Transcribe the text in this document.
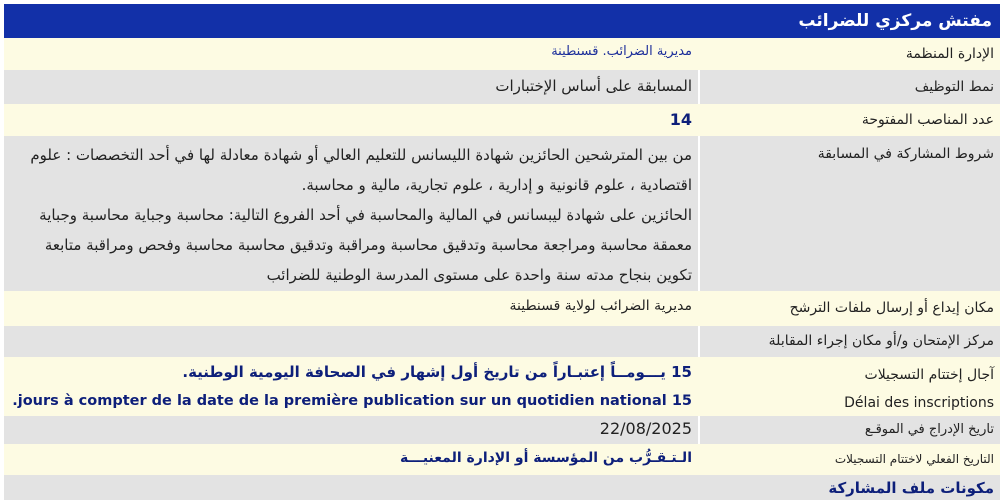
مفتش مركزي للضرائب
الإدارة المنظمة
مديرية الضرائب. قسنطينة
نمط التوظيف
المسابقة على أساس الإختبارات
عدد المناصب المفتوحة
14
شروط المشاركة في المسابقة

من بين المترشحين الحائزين شهادة الليسانس للتعليم العالي أو شهادة معادلة لها في أحد التخصصات : علوم اقتصادية ، علوم قانونية و إدارية ، علوم تجارية، مالية و محاسبة.

الحائزين على شهادة ليبسانس في المالية والمحاسبة في أحد الفروع التالية: محاسبة وجباية محاسبة وجباية معمقة محاسبة ومراجعة محاسبة وتدقيق محاسبة ومراقبة وتدقيق محاسبة محاسبة وفحص ومراقبة متابعة تكوين بنجاح مدته سنة واحدة على مستوى المدرسة الوطنية للضرائب

مكان إيداع أو إرسال ملفات الترشح
مديرية الضرائب لولاية قسنطينة
مركز الإمتحان و/أو مكان إجراء المقابلة
آجال إختتام التسجيلات
Délai des inscriptions
15 يـــومــاً إعتبـاراً من تاريخ أول إشهار في الصحافة اليومية الوطنية.
15 jours à compter de la date de la première publication sur un quotidien national.
تاريخ الإدراج في الموقـع
22/08/2025
التاريخ الفعلي لاختتام التسجيلات
الـتـقـرُّب من المؤسسة أو الإدارة المعنيـــة
مكونات ملف المشاركة
